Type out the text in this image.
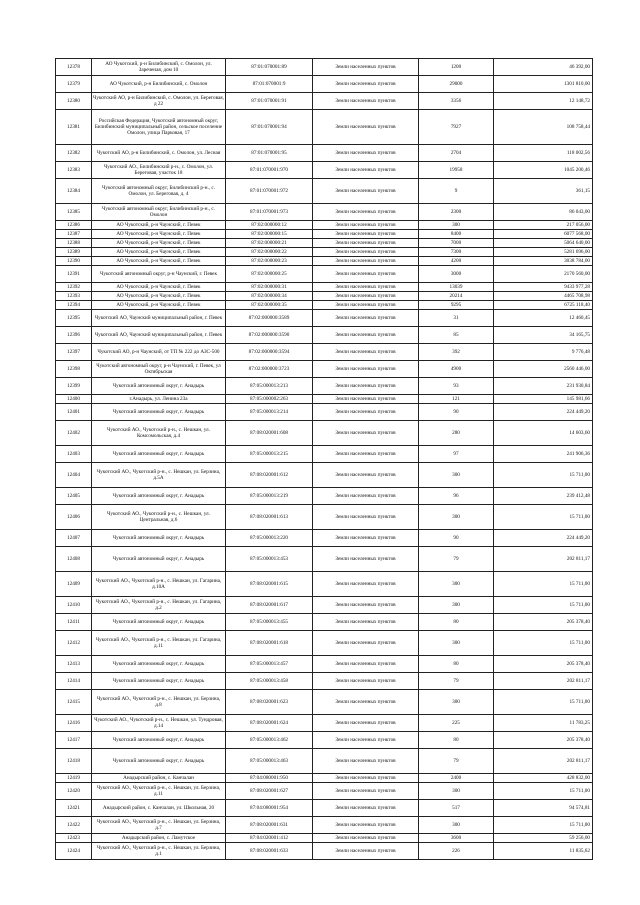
12378	АО Чукотский, р-н Билибинский, с. Омолон, ул. Зареченая, дом 10	87:01:070001:89	Земли населенных пунктов	1200	46 392,00
12379	АО Чукотский, р-н Билибинский, с. Омолон	87:01:070001:9	Земли населенных пунктов	29000	1301 810,00
12380	Чукотский АО, р-н Билибинский, с. Омолон, ул. Береговая, д 22	87:01:070001:91	Земли населенных пунктов	3356	12 148,72
12381	Российская Федерация, Чукотский автономный округ, Билибинский муниципальный район, сельское поселение Омолон, улица Парковая, 17	87:01:070001:94	Земли населенных пунктов	7927	108 758,44
12382	Чукотский АО, р-н Билибинский, с. Омолон, ул. Лесная	87:01:070001:95	Земли населенных пунктов	2704	118 002,56
12383	Чукотский АО., Билибинский р-н., с. Омолон, ул. Береговая, участок 18	87:01:070001:970	Земли населенных пунктов	19958	1045 200,46
12384	Чукотский автономный округ, Билибинский р-н., с. Омолон, ул. Береговая, д. 4	87:01:070001:972	Земли населенных пунктов	9	361,15
12385	Чукотский автономный округ, Билибинский р-н., с. Омолон	87:01:070001:973	Земли населенных пунктов	2300	86 043,00
12386	АО Чукотский, р-н Чаунский, г. Певек	87:02:000000:12	Земли населенных пунктов	300	217 056,00
12387	АО Чукотский, р-н Чаунский, г. Певек	87:02:000000:15	Земли населенных пунктов	8400	6077 568,00
12388	АО Чукотский, р-н Чаунский, г. Певек	87:02:000000:21	Земли населенных пунктов	7000	5064 640,00
12389	АО Чукотский, р-н Чаунский, г. Певек	87:02:000000:22	Земли населенных пунктов	7300	5281 696,00
12390	АО Чукотский, р-н Чаунский, г. Певек	87:02:000000:23	Земли населенных пунктов	4200	3038 784,00
12391	Чукотский автономный округ, р-н Чаунский, г. Певек	87:02:000000:25	Земли населенных пунктов	3000	2170 560,00
12392	АО Чукотский, р-н Чаунский, г. Певек	87:02:000000:31	Земли населенных пунктов	13039	9433 977,28
12393	АО Чукотский, р-н Чаунский, г. Певек	87:02:000000:34	Земли населенных пунктов	20214	4465 708,98
12394	АО Чукотский, р-н Чаунский, г. Певек	87:02:000000:35	Земли населенных пунктов	9295	6725 118,40
12395	Чукотский АО, Чаунский муниципальный район, г. Певек	87:02:000000:3589	Земли населенных пунктов	31	12 460,45
12396	Чукотский АО, Чаунский муниципальный район, г. Певек	87:02:000000:3590	Земли населенных пунктов	85	34 165,75
12397	Чукотский АО, р-н Чаунский, от ТП № 222 до АЗС-500	87:02:000000:3594	Земли населенных пунктов	392	9 776,48
12398	Чукотский автономный округ, р-н Чаунский, г. Певек, ул Октябрьская	87:02:000000:3723	Земли населенных пунктов	4900	2560 446,00
12399	Чукотский автономный округ, г. Анадырь	87:05:000013:213	Земли населенных пунктов	93	231 930,84
12400	г.Анадырь, ул. Ленина 23а	87:05:000002:263	Земли населенных пунктов	121	145 981,66
12401	Чукотский автономный округ, г. Анадырь	87:05:000013:214	Земли населенных пунктов	90	224 449,20
12402	Чукотский АО., Чукотский р-н., с. Нешкан, ул. Комсомольская, д.4	87:08:020001:608	Земли населенных пунктов	280	14 603,60
12403	Чукотский автономный округ, г. Анадырь	87:05:000013:215	Земли населенных пунктов	97	241 906,36
12404	Чукотский АО., Чукотский р-н., с. Нешкан, ул. Берзина, д.5А	87:08:020001:612	Земли населенных пунктов	300	15 711,00
12405	Чукотский автономный округ, г. Анадырь	87:05:000013:219	Земли населенных пунктов	96	239 412,48
12406	Чукотский АО., Чукотский р-н., с. Нешкан, ул. Центральная, д.6	87:08:020001:613	Земли населенных пунктов	300	15 711,00
12407	Чукотский автономный округ, г. Анадырь	87:05:000013:220	Земли населенных пунктов	90	224 449,20
12408	Чукотский автономный округ, г. Анадырь	87:05:000013:453	Земли населенных пунктов	79	202 811,17
12409	Чукотский АО., Чукотский р-н., с. Нешкан, ул. Гагарина, д.10А	87:08:020001:615	Земли населенных пунктов	300	15 711,00
12410	Чукотский АО., Чукотский р-н., с. Нешкан, ул. Гагарина, д.2	87:08:020001:617	Земли населенных пунктов	300	15 711,00
12411	Чукотский автономный округ, г. Анадырь	87:05:000013:455	Земли населенных пунктов	80	205 378,40
12412	Чукотский АО., Чукотский р-н., с. Нешкан, ул. Гагарина, д.11	87:08:020001:618	Земли населенных пунктов	300	15 711,00
12413	Чукотский автономный округ, г. Анадырь	87:05:000013:457	Земли населенных пунктов	80	205 378,40
12414	Чукотский автономный округ, г. Анадырь	87:05:000013:458	Земли населенных пунктов	79	202 811,17
12415	Чукотский АО., Чукотский р-н., с. Нешкан, ул. Берзина, д.8	87:08:020001:623	Земли населенных пунктов	300	15 711,00
12416	Чукотский АО., Чукотский р-н., с. Нешкан, ул. Тундровая, д.14	87:08:020001:624	Земли населенных пунктов	225	11 783,25
12417	Чукотский автономный округ, г. Анадырь	87:05:000013:462	Земли населенных пунктов	80	205 378,40
12418	Чукотский автономный округ, г. Анадырь	87:05:000013:463	Земли населенных пунктов	79	202 811,17
12419	Анадырский район, с. Канчалан	87:04:080001:950	Земли населенных пунктов	2400	428 832,00
12420	Чукотский АО., Чукотский р-н., с. Нешкан, ул. Берзина, д.11	87:08:020001:627	Земли населенных пунктов	300	15 711,00
12421	Анадырский район, с. Канчалан, ул. Школьная, 20	87:04:080001:954	Земли населенных пунктов	517	94 574,81
12422	Чукотский АО., Чукотский р-н., с. Нешкан, ул. Берзина, д.7	87:08:020001:631	Земли населенных пунктов	300	15 711,00
12423	Анадырский район, с. Ламутское	87:04:020001:412	Земли населенных пунктов	3600	59 256,00
12424	Чукотский АО., Чукотский р-н., с. Нешкан, ул. Берзина, д.1	87:08:020001:633	Земли населенных пунктов	226	11 835,62
